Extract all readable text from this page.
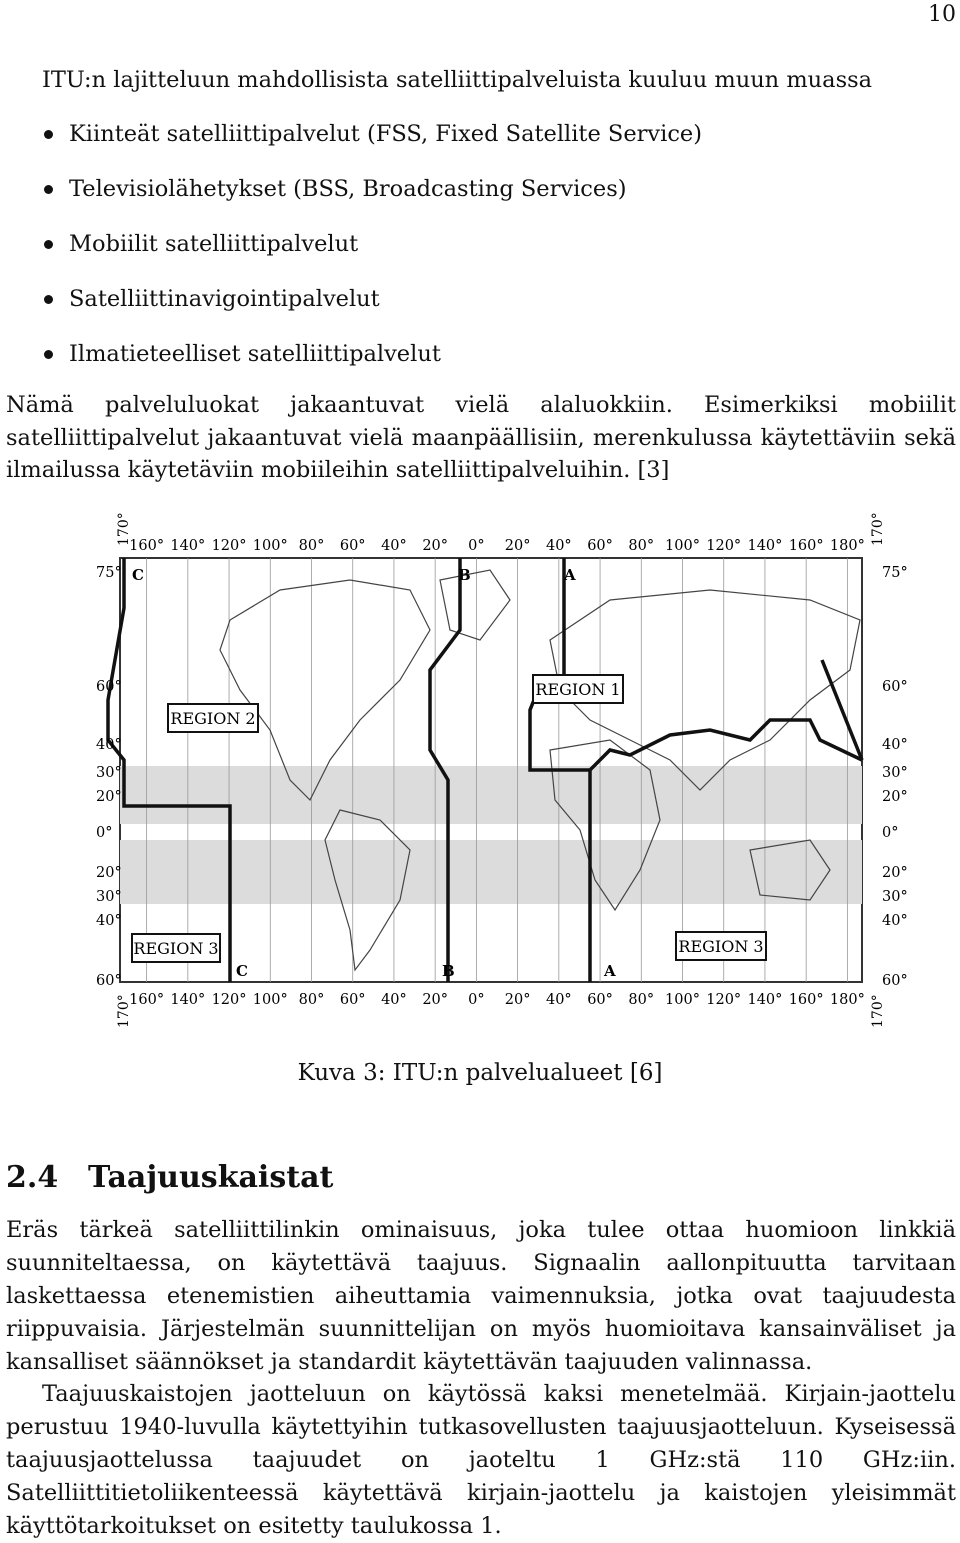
10
ITU:n lajitteluun mahdollisista satelliittipalveluista kuuluu muun muassa
Kiinteät satelliittipalvelut (FSS, Fixed Satellite Service)
Televisiolähetykset (BSS, Broadcasting Services)
Mobiilit satelliittipalvelut
Satelliittinavigointipalvelut
Ilmatieteelliset satelliittipalvelut
Nämä palveluluokat jakaantuvat vielä alaluokkiin. Esimerkiksi mobiilit satelliittipalvelut jakaantuvat vielä maanpäällisiin, merenkulussa käytettäviin sekä ilmailussa käytetäviin mobiileihin satelliittipalveluihin. [3]
REGION 1
REGION 2
REGION 3	REGION 3
C	B	A
C	B	A
170°	170°
170°	170°
160° 140° 120° 100° 80° 60° 40° 20° 0° 20° 40° 60° 80° 100° 120° 140° 160° 180°
160° 140° 120° 100° 80° 60° 40° 20° 0° 20° 40° 60° 80° 100° 120° 140° 160° 180°
75°
60°
40°
30°
20°
0°
20°
30°
40°
60°
75°
60°
40°
30°
20°
0°
20°
30°
40°
60°
Kuva 3: ITU:n palvelualueet [6]
2.4 Taajuuskaistat
Eräs tärkeä satelliittilinkin ominaisuus, joka tulee ottaa huomioon linkkiä suunniteltaessa, on käytettävä taajuus. Signaalin aallonpituutta tarvitaan laskettaessa etenemistien aiheuttamia vaimennuksia, jotka ovat taajuudesta riippuvaisia. Järjestelmän suunnittelijan on myös huomioitava kansainväliset ja kansalliset säännökset ja standardit käytettävän taajuuden valinnassa.
Taajuuskaistojen jaotteluun on käytössä kaksi menetelmää. Kirjain-jaottelu perustuu 1940-luvulla käytettyihin tutkasovellusten taajuusjaotteluun. Kyseisessä taajuusjaottelussa taajuudet on jaoteltu 1 GHz:stä 110 GHz:iin. Satelliittitietoliikenteessä käytettävä kirjain-jaottelu ja kaistojen yleisimmät käyttötarkoitukset on esitetty taulukossa 1.
